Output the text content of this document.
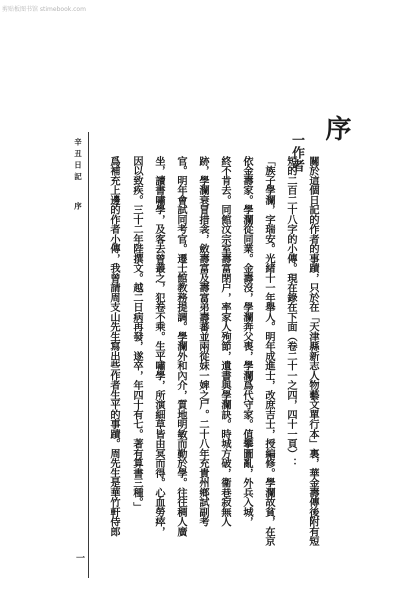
剪贴板图书馆 stimebook.com
序
一作者
關於這個日記的作者的事蹟，只於在「天津縣新志人物藝文單行本」裏，華金壽傳後附有短
短的二百二十八字的小傳。現在錄在下面（卷二十一之四，四十一頁）：
「族子學瀾，字瑞安。光緒十一年舉人。明年成進士，改庶吉士，授編修。學瀾故貧，在京
依金壽家。學瀾從同業。金壽沒，學瀾奔父喪，學瀾爲代守家。值攀圖亂，外兵入城，
終不肯去。同館汶宗室壽富閉户，率家人殉節，遺書與學瀾訣。時城方破，衞巷寂無人
跡，學瀾衰冒措衾，斂壽富及壽富弟壽蕃並兩從妹一婢之尸。二十八年充貴州鄉試副考
官。明年會試同考官。遷士館教務提調。學瀾外和內介，質地明敏而勤於學。往往稠人廣
坐，讀書嘯學，及客去曾叢之，犯卷不乘。生平嘯學，所演細草皆由冥而得。心血勞瘁，
因以致疾。三十二年陛撰文。越二日病再發，遂卒，年四十有七。著有算書三種。」
爲補充上邊的作者小傳，我曾請周支山先生寫出些作者生平的事蹟。周先生是華竹軒侍郎
辛丑日記序
一
